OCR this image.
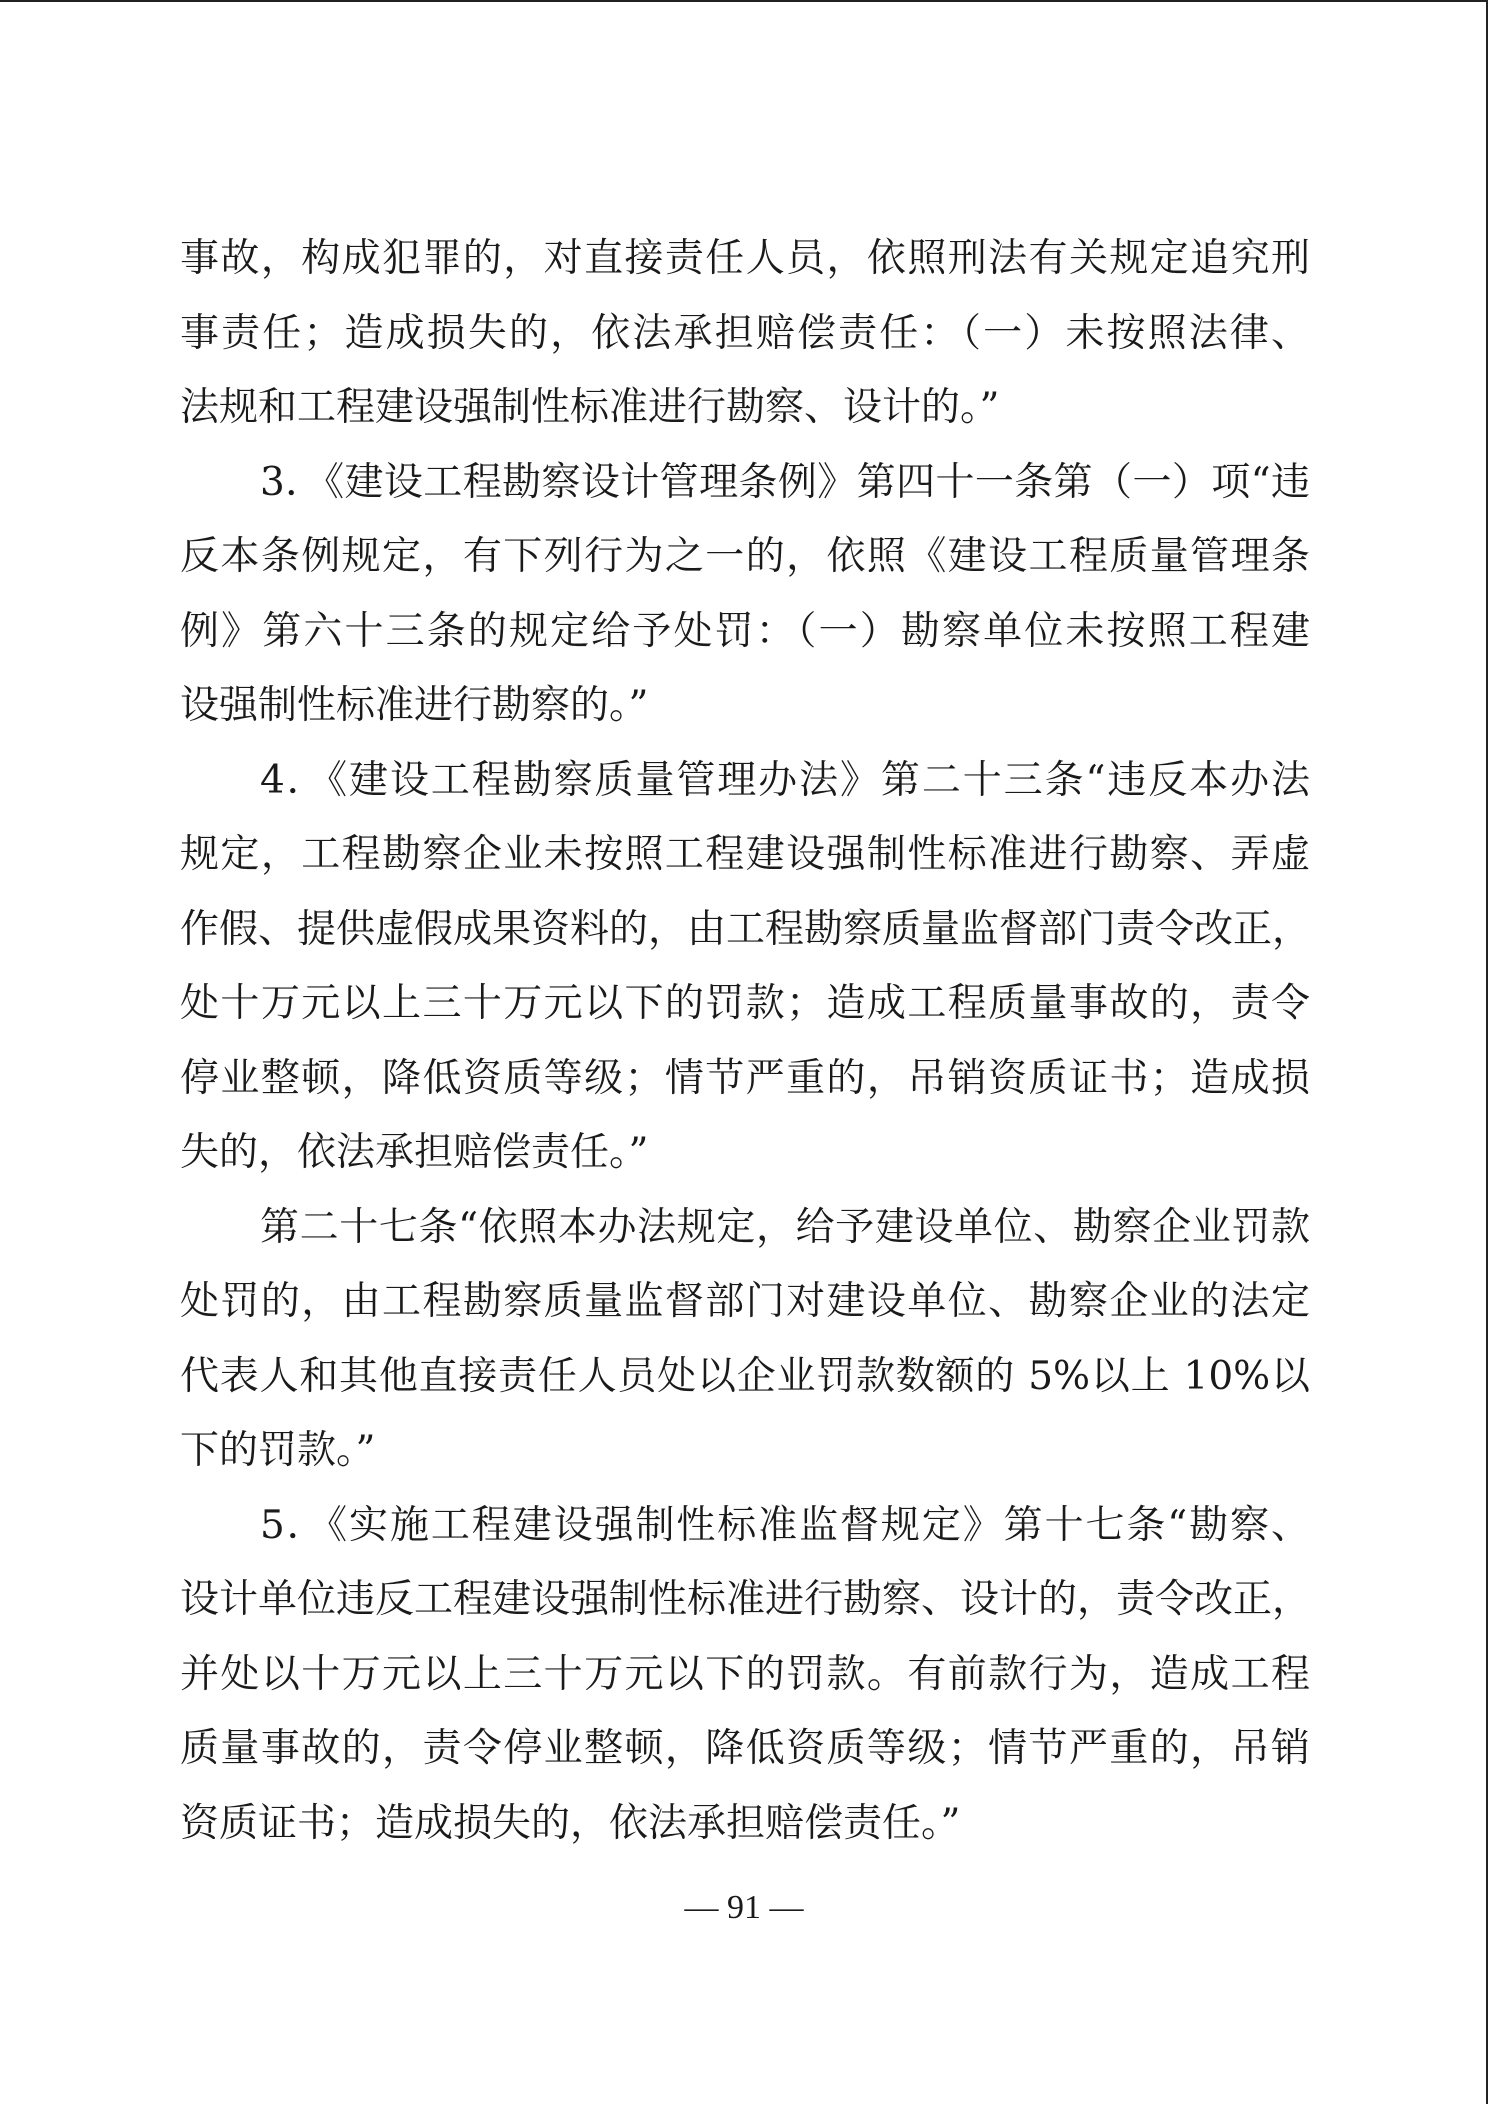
事故，构成犯罪的，对直接责任人员，依照刑法有关规定追究刑
事责任；造成损失的，依法承担赔偿责任：（一）未按照法律、
法规和工程建设强制性标准进行勘察、设计的。”
3．《建设工程勘察设计管理条例》第四十一条第（一）项“违
反本条例规定，有下列行为之一的，依照《建设工程质量管理条
例》第六十三条的规定给予处罚：（一）勘察单位未按照工程建
设强制性标准进行勘察的。”
4．《建设工程勘察质量管理办法》第二十三条“违反本办法
规定，工程勘察企业未按照工程建设强制性标准进行勘察、弄虚
作假、提供虚假成果资料的，由工程勘察质量监督部门责令改正，
处十万元以上三十万元以下的罚款；造成工程质量事故的，责令
停业整顿，降低资质等级；情节严重的，吊销资质证书；造成损
失的，依法承担赔偿责任。”
第二十七条“依照本办法规定，给予建设单位、勘察企业罚款
处罚的，由工程勘察质量监督部门对建设单位、勘察企业的法定
代表人和其他直接责任人员处以企业罚款数额的 5%以上 10%以
下的罚款。”
5．《实施工程建设强制性标准监督规定》第十七条“勘察、
设计单位违反工程建设强制性标准进行勘察、设计的，责令改正，
并处以十万元以上三十万元以下的罚款。有前款行为，造成工程
质量事故的，责令停业整顿，降低资质等级；情节严重的，吊销
资质证书；造成损失的，依法承担赔偿责任。”
— 91 —
